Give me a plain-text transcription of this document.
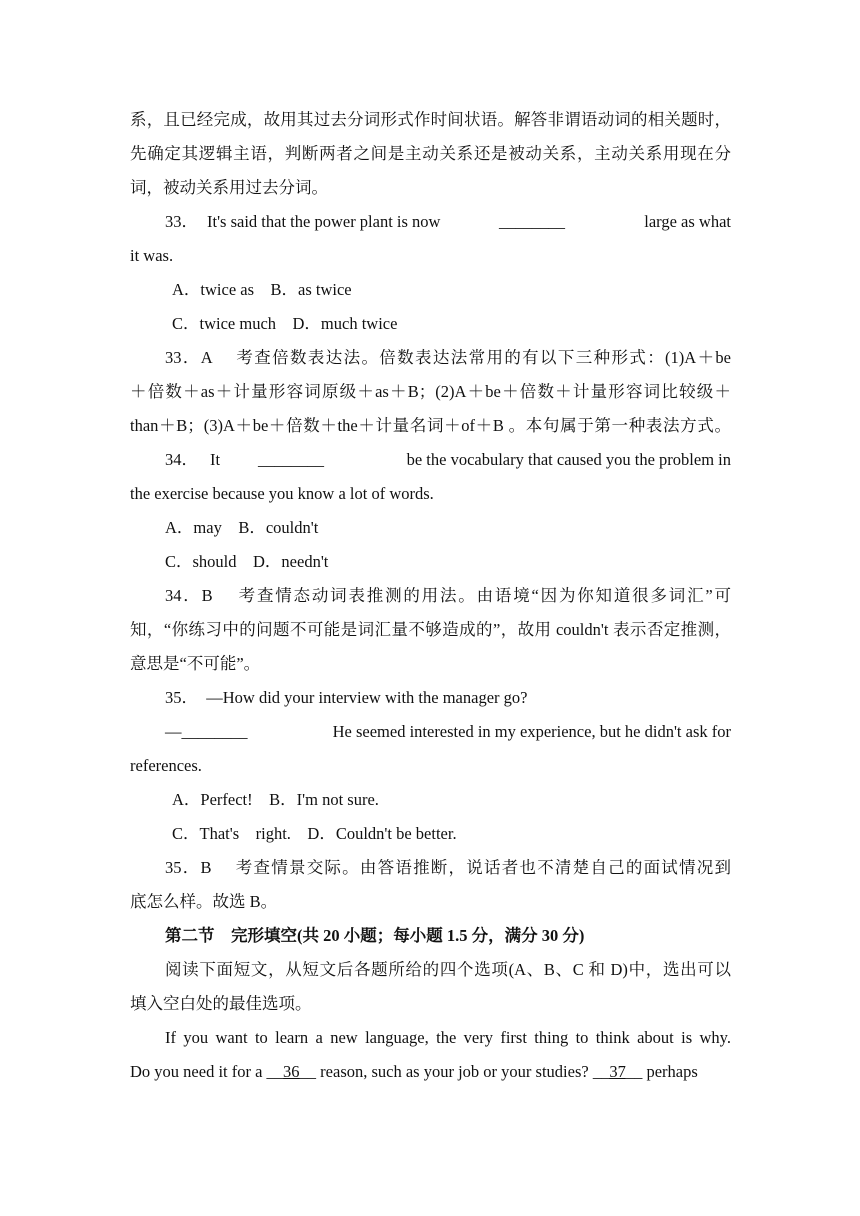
系，且已经完成，故用其过去分词形式作时间状语。解答非谓语动词的相关题时，
先确定其逻辑主语，判断两者之间是主动关系还是被动关系，主动关系用现在分
词，被动关系用过去分词。
33． It's said that the power plant is now	________	large as what
it was.
A．twice as　B．as twice
C．twice much　D．much twice
33．A　 考查倍数表达法。倍数表达法常用的有以下三种形式：(1)A＋be
＋倍数＋as＋计量形容词原级＋as＋B；(2)A＋be＋倍数＋计量形容词比较级＋
than＋B；(3)A＋be＋倍数＋the＋计量名词＋of＋B 。本句属于第一种表法方式。
34． It ________	be the vocabulary that caused you the problem in
the exercise because you know a lot of words.
A．may　B．couldn't
C．should　D．needn't
34．B　 考查情态动词表推测的用法。由语境“因为你知道很多词汇”可
知，“你练习中的问题不可能是词汇量不够造成的”，故用 couldn't 表示否定推测，
意思是“不可能”。
35．　—How did your interview with the manager go?
—________	He seemed interested in my experience, but he didn't ask for
references.
A．Perfect!　B．I'm not sure.
C．That's　right.　D．Couldn't be better.
35．B　 考查情景交际。由答语推断，说话者也不清楚自己的面试情况到
底怎么样。故选 B。
第二节　完形填空(共 20 小题；每小题 1.5 分，满分 30 分)
阅读下面短文，从短文后各题所给的四个选项(A、B、C 和 D)中，选出可以
填入空白处的最佳选项。
If you want to learn a new language, the very first thing to think about is why.
Do you need it for a __36__ reason, such as your job or your studies? __37__ perhaps
